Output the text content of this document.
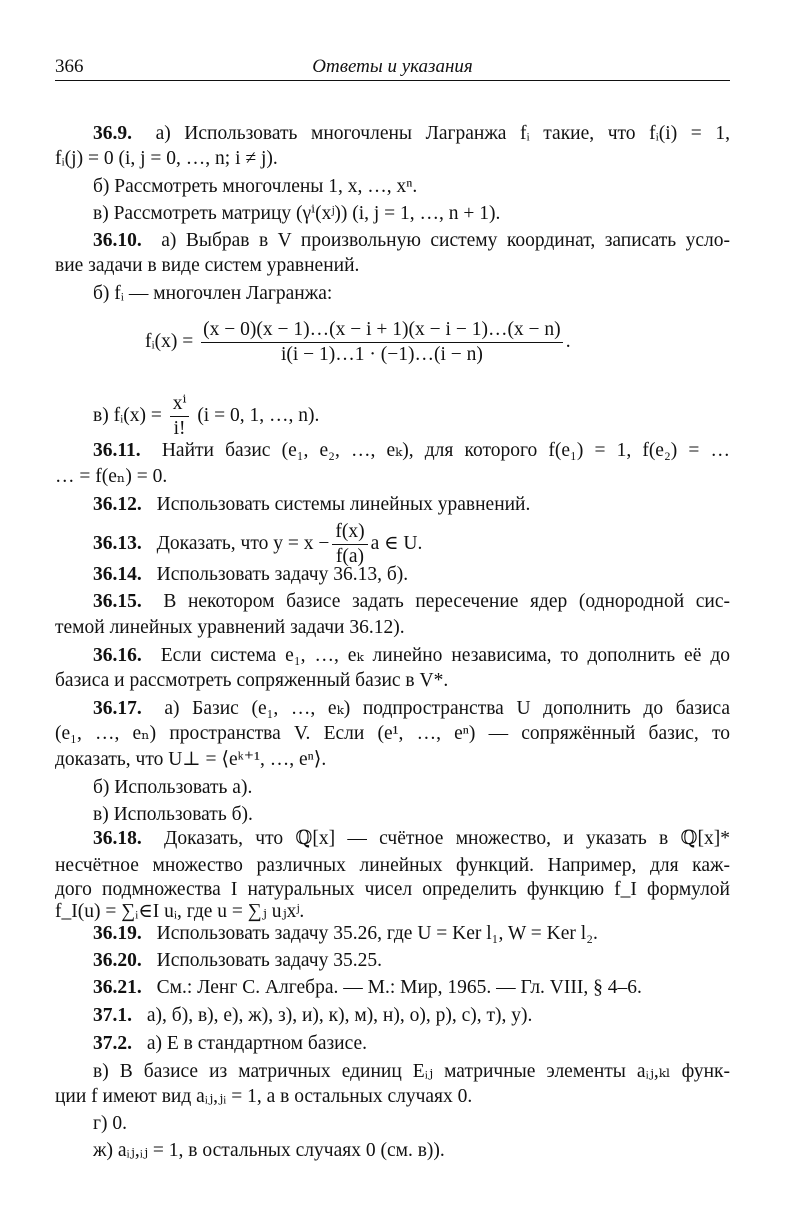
366	Ответы и указания
36.9. а) Использовать многочлены Лагранжа fᵢ такие, что fᵢ(i) = 1,
fᵢ(j) = 0 (i, j = 0, …, n; i ≠ j).
б) Рассмотреть многочлены 1, x, …, xⁿ.
в) Рассмотреть матрицу (γⁱ(xʲ)) (i, j = 1, …, n + 1).
36.10. а) Выбрав в V произвольную систему координат, записать усло-
вие задачи в виде систем уравнений.
б) fᵢ — многочлен Лагранжа:
36.11. Найти базис (e₁, e₂, …, eₖ), для которого f(e₁) = 1, f(e₂) = …
… = f(eₙ) = 0.
36.12. Использовать системы линейных уравнений.
36.14. Использовать задачу 36.13, б).
36.15. В некотором базисе задать пересечение ядер (однородной сис-
темой линейных уравнений задачи 36.12).
36.16. Если система e₁, …, eₖ линейно независима, то дополнить её до
базиса и рассмотреть сопряженный базис в V*.
36.17. а) Базис (e₁, …, eₖ) подпространства U дополнить до базиса
(e₁, …, eₙ) пространства V. Если (e¹, …, eⁿ) — сопряжённый базис, то
доказать, что U⊥ = ⟨eᵏ⁺¹, …, eⁿ⟩.
б) Использовать а).
в) Использовать б).
36.18. Доказать, что ℚ[x] — счётное множество, и указать в ℚ[x]*
несчётное множество различных линейных функций. Например, для каж-
дого подмножества I натуральных чисел определить функцию f_I формулой
f_I(u) = ∑ᵢ∈I uᵢ, где u = ∑ⱼ uⱼxʲ.
36.19. Использовать задачу 35.26, где U = Ker l₁, W = Ker l₂.
36.20. Использовать задачу 35.25.
36.21. См.: Ленг С. Алгебра. — М.: Мир, 1965. — Гл. VIII, § 4–6.
37.1. а), б), в), е), ж), з), и), к), м), н), о), р), с), т), у).
37.2. а) E в стандартном базисе.
в) В базисе из матричных единиц Eᵢⱼ матричные элементы aᵢⱼ,ₖₗ функ-
ции f имеют вид aᵢⱼ,ⱼᵢ = 1, а в остальных случаях 0.
г) 0.
ж) aᵢⱼ,ᵢⱼ = 1, в остальных случаях 0 (см. в)).
fᵢ(x) = $\frac{(x - 0)(x - 1)\dots(x - i + 1)(x - i - 1)\dots(x - n)}{i(i - 1)\dots 1 \cdot (-1)\dots(i - n)}$ .
в) fᵢ(x) = $\frac{\text{xⁱ}}{i!} (i = 0$, 1, …, n).
36.13. Доказать, что $y = x - \frac{f(x)}{f(a)}$ a ∈ U.
